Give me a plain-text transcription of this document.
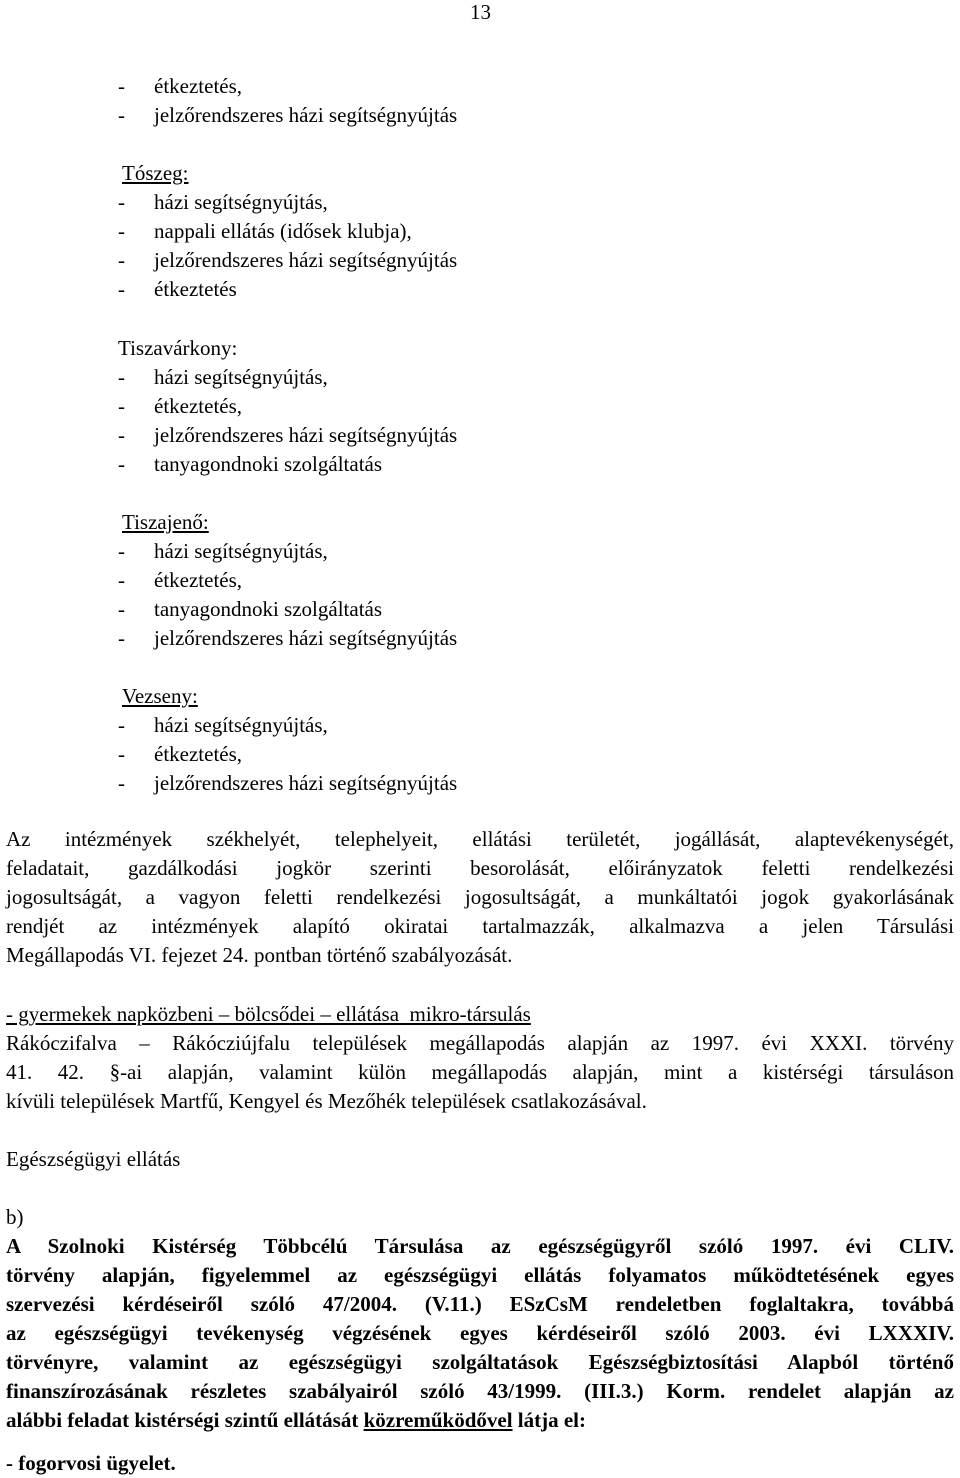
13
- étkeztetés,
- jelzőrendszeres házi segítségnyújtás
Tószeg:
- házi segítségnyújtás,
- nappali ellátás (idősek klubja),
- jelzőrendszeres házi segítségnyújtás
- étkeztetés
Tiszavárkony:
- házi segítségnyújtás,
- étkeztetés,
- jelzőrendszeres házi segítségnyújtás
- tanyagondnoki szolgáltatás
Tiszajenő:
- házi segítségnyújtás,
- étkeztetés,
- tanyagondnoki szolgáltatás
- jelzőrendszeres házi segítségnyújtás
Vezseny:
- házi segítségnyújtás,
- étkeztetés,
- jelzőrendszeres házi segítségnyújtás
Az intézmények székhelyét, telephelyeit, ellátási területét, jogállását, alaptevékenységét,
feladatait, gazdálkodási jogkör szerinti besorolását, előirányzatok feletti rendelkezési
jogosultságát, a vagyon feletti rendelkezési jogosultságát, a munkáltatói jogok gyakorlásának
rendjét az intézmények alapító okiratai tartalmazzák, alkalmazva a jelen Társulási
Megállapodás VI. fejezet 24. pontban történő szabályozását.
- gyermekek napközbeni – bölcsődei – ellátása  mikro-társulás
Rákóczifalva – Rákócziújfalu települések megállapodás alapján az 1997. évi XXXI. törvény
41. 42. §-ai alapján, valamint külön megállapodás alapján, mint a kistérségi társuláson
kívüli települések Martfű, Kengyel és Mezőhék települések csatlakozásával.
Egészségügyi ellátás
b)
A Szolnoki Kistérség Többcélú Társulása az egészségügyről szóló 1997. évi CLIV.
törvény alapján, figyelemmel az egészségügyi ellátás folyamatos működtetésének egyes
szervezési kérdéseiről szóló 47/2004. (V.11.) ESzCsM rendeletben foglaltakra, továbbá
az egészségügyi tevékenység végzésének egyes kérdéseiről szóló 2003. évi LXXXIV.
törvényre, valamint az egészségügyi szolgáltatások Egészségbiztosítási Alapból történő
finanszírozásának részletes szabályairól szóló 43/1999. (III.3.) Korm. rendelet alapján az
alábbi feladat kistérségi szintű ellátását közreműködővel látja el:
- fogorvosi ügyelet.
